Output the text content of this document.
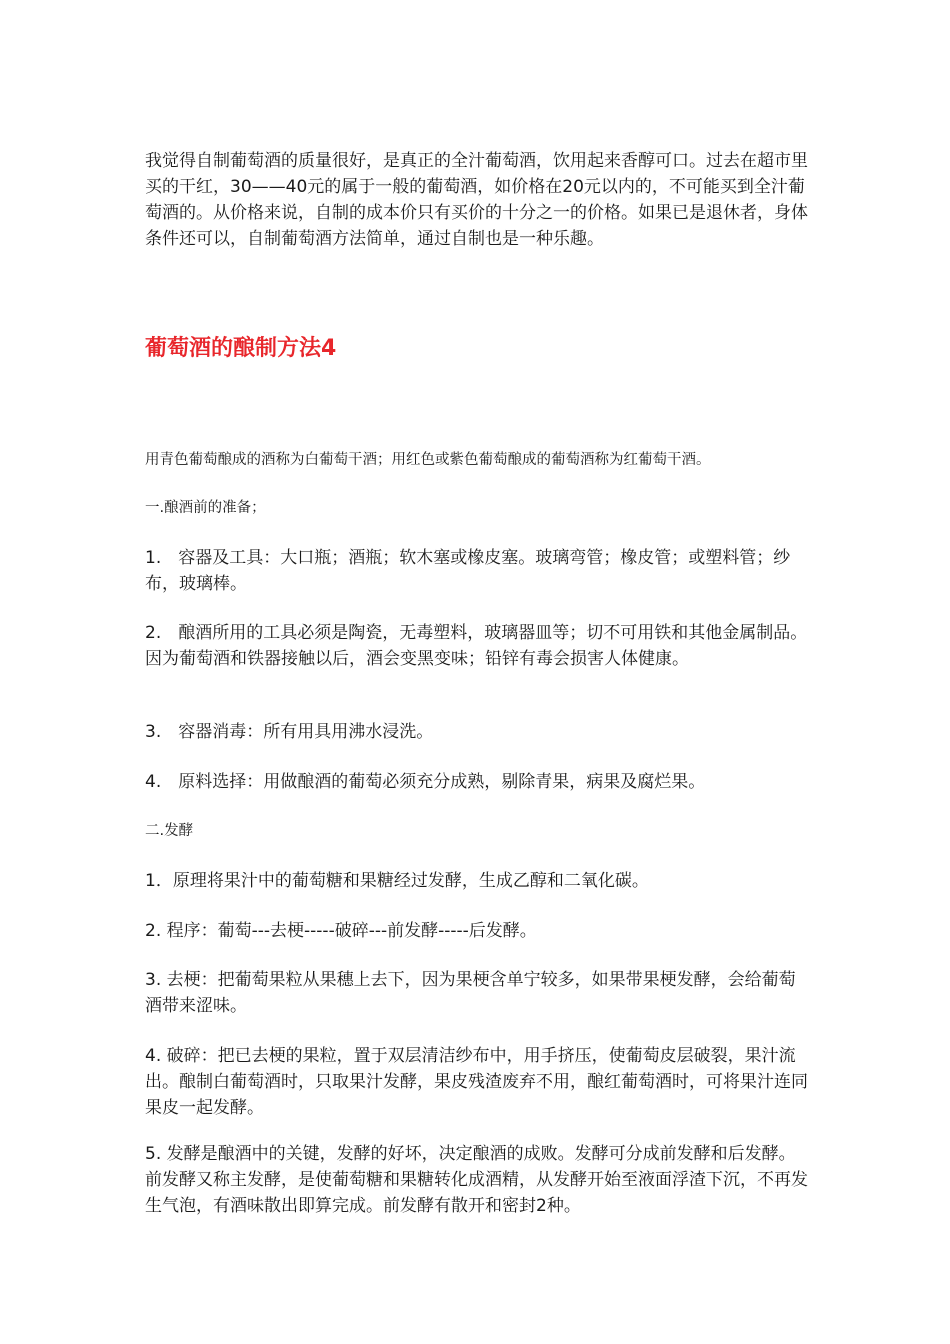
我觉得自制葡萄酒的质量很好，是真正的全汁葡萄酒，饮用起来香醇可口。过去在超市里买的干红，30——40元的属于一般的葡萄酒，如价格在20元以内的，不可能买到全汁葡萄酒的。从价格来说，自制的成本价只有买价的十分之一的价格。如果已是退休者，身体条件还可以，自制葡萄酒方法简单，通过自制也是一种乐趣。

葡萄酒的酿制方法4

用青色葡萄酿成的酒称为白葡萄干酒；用红色或紫色葡萄酿成的葡萄酒称为红葡萄干酒。

一.酿酒前的准备；

1.　容器及工具：大口瓶；酒瓶；软木塞或橡皮塞。玻璃弯管；橡皮管；或塑料管；纱布，玻璃棒。

2.　酿酒所用的工具必须是陶瓷，无毒塑料，玻璃器皿等；切不可用铁和其他金属制品。因为葡萄酒和铁器接触以后，酒会变黑变味；铅锌有毒会损害人体健康。

3.　容器消毒：所有用具用沸水浸洗。

4.　原料选择：用做酿酒的葡萄必须充分成熟，剔除青果，病果及腐烂果。

二.发酵

1．原理将果汁中的葡萄糖和果糖经过发酵，生成乙醇和二氧化碳。

2. 程序：葡萄---去梗-----破碎---前发酵-----后发酵。

3. 去梗：把葡萄果粒从果穗上去下，因为果梗含单宁较多，如果带果梗发酵，会给葡萄酒带来涩味。

4. 破碎：把已去梗的果粒，置于双层清洁纱布中，用手挤压，使葡萄皮层破裂，果汁流出。酿制白葡萄酒时，只取果汁发酵，果皮残渣废弃不用，酿红葡萄酒时，可将果汁连同果皮一起发酵。

5. 发酵是酿酒中的关键，发酵的好坏，决定酿酒的成败。发酵可分成前发酵和后发酵。前发酵又称主发酵，是使葡萄糖和果糖转化成酒精，从发酵开始至液面浮渣下沉，不再发生气泡，有酒味散出即算完成。前发酵有散开和密封2种。
